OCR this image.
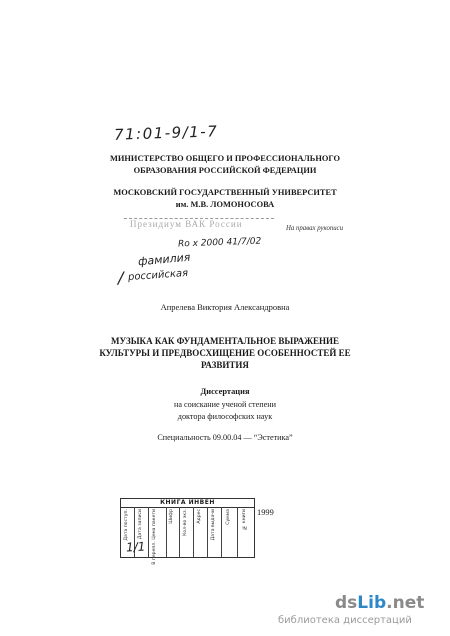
71:01-9/1-7
МИНИСТЕРСТВО ОБЩЕГО И ПРОФЕССИОНАЛЬНОГО
ОБРАЗОВАНИЯ РОССИЙСКОЙ ФЕДЕРАЦИИ
МОСКОВСКИЙ ГОСУДАРСТВЕННЫЙ УНИВЕРСИТЕТ
им. М.В. ЛОМОНОСОВА
Президиум ВАК России	На правах рукописи
Ro x 2000 41/7/02
фамилия
/ российская
Апрелева Виктория Александровна
МУЗЫКА КАК ФУНДАМЕНТАЛЬНОЕ ВЫРАЖЕНИЕ
КУЛЬТУРЫ И ПРЕДВОСХИЩЕНИЕ ОСОБЕННОСТЕЙ ЕЕ
РАЗВИТИЯ
Диссертация
на соискание ученой степени
доктора философских наук
Специальность 09.00.04 — “Эстетика”
КНИГА ИНВЕН
Дата поступ. Дата записи В перепл. Цена пакети	Шифр Кол-во экз. Адрес Дата выдачи Сумма № книги
1/1
1999
dsLib.net
библиотека диссертаций
